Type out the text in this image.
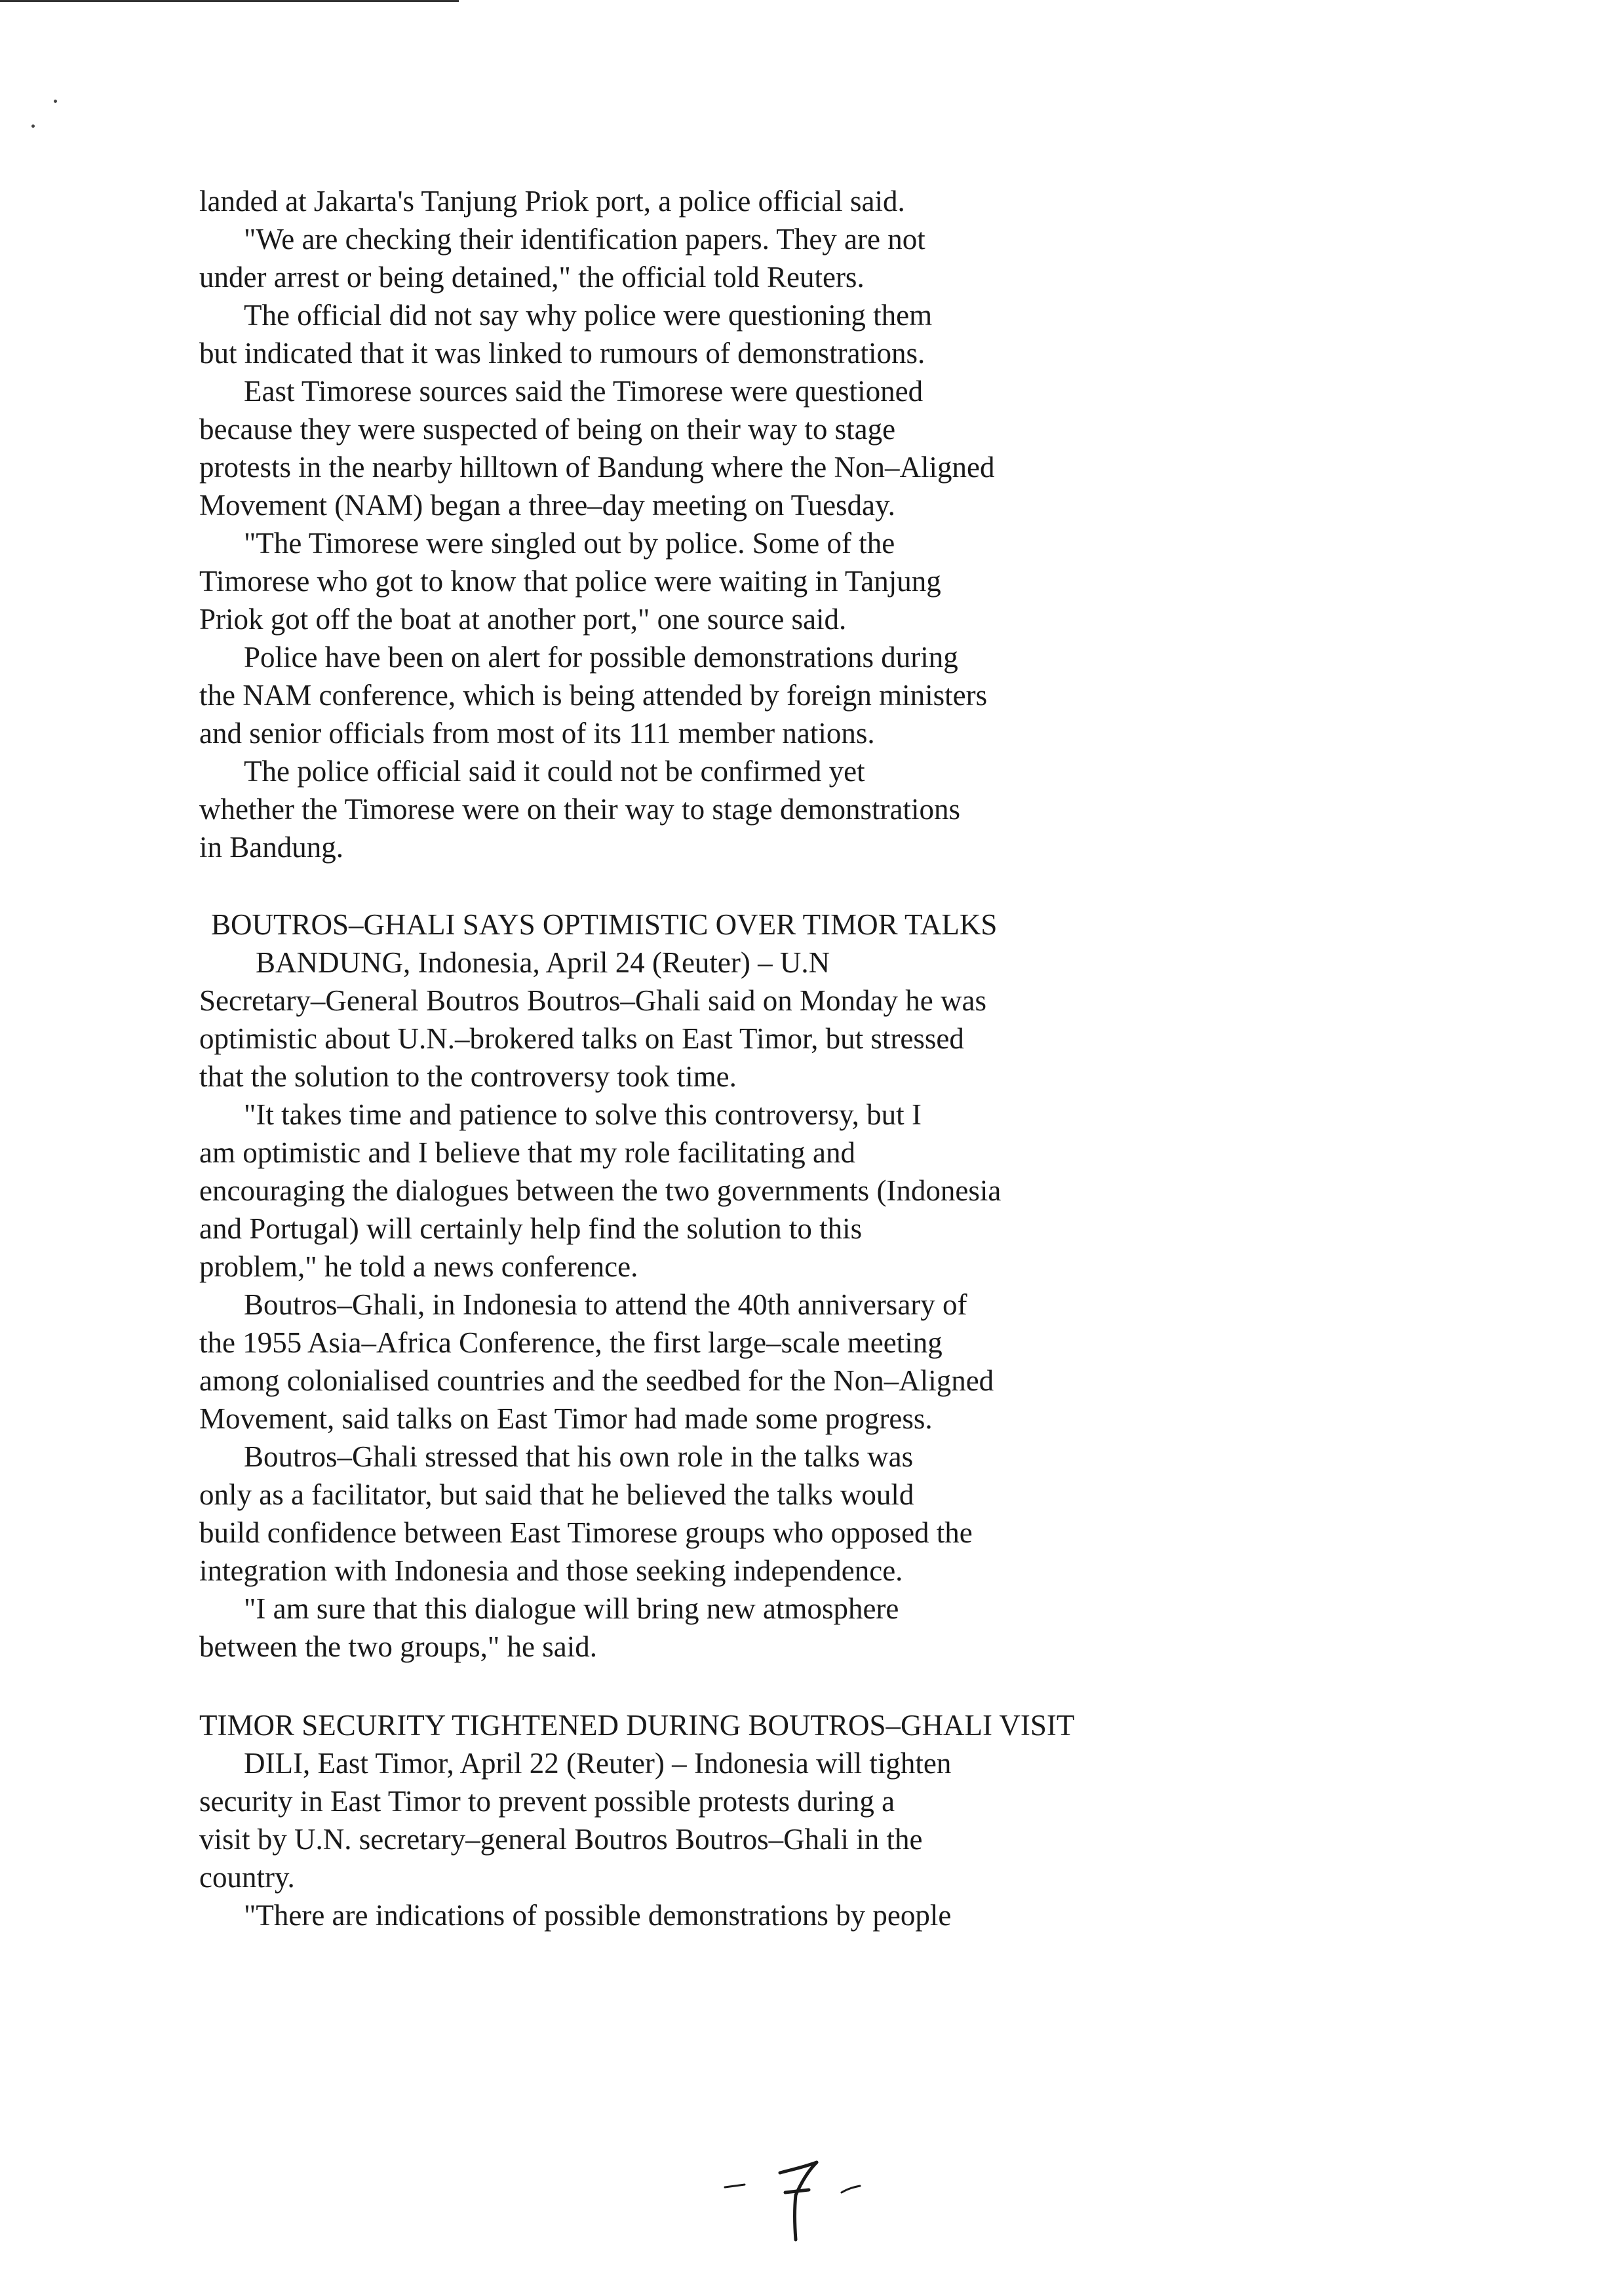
landed at Jakarta's Tanjung Priok port, a police official said.
"We are checking their identification papers. They are not
under arrest or being detained," the official told Reuters.
The official did not say why police were questioning them
but indicated that it was linked to rumours of demonstrations.
East Timorese sources said the Timorese were questioned
because they were suspected of being on their way to stage
protests in the nearby hilltown of Bandung where the Non–Aligned
Movement (NAM) began a three–day meeting on Tuesday.
"The Timorese were singled out by police. Some of the
Timorese who got to know that police were waiting in Tanjung
Priok got off the boat at another port," one source said.
Police have been on alert for possible demonstrations during
the NAM conference, which is being attended by foreign ministers
and senior officials from most of its 111 member nations.
The police official said it could not be confirmed yet
whether the Timorese were on their way to stage demonstrations
in Bandung.
BOUTROS–GHALI SAYS OPTIMISTIC OVER TIMOR TALKS
BANDUNG, Indonesia, April 24 (Reuter) – U.N
Secretary–General Boutros Boutros–Ghali said on Monday he was
optimistic about U.N.–brokered talks on East Timor, but stressed
that the solution to the controversy took time.
"It takes time and patience to solve this controversy, but I
am optimistic and I believe that my role facilitating and
encouraging the dialogues between the two governments (Indonesia
and Portugal) will certainly help find the solution to this
problem," he told a news conference.
Boutros–Ghali, in Indonesia to attend the 40th anniversary of
the 1955 Asia–Africa Conference, the first large–scale meeting
among colonialised countries and the seedbed for the Non–Aligned
Movement, said talks on East Timor had made some progress.
Boutros–Ghali stressed that his own role in the talks was
only as a facilitator, but said that he believed the talks would
build confidence between East Timorese groups who opposed the
integration with Indonesia and those seeking independence.
"I am sure that this dialogue will bring new atmosphere
between the two groups," he said.
TIMOR SECURITY TIGHTENED DURING BOUTROS–GHALI VISIT
DILI, East Timor, April 22 (Reuter) – Indonesia will tighten
security in East Timor to prevent possible protests during a
visit by U.N. secretary–general Boutros Boutros–Ghali in the
country.
"There are indications of possible demonstrations by people
